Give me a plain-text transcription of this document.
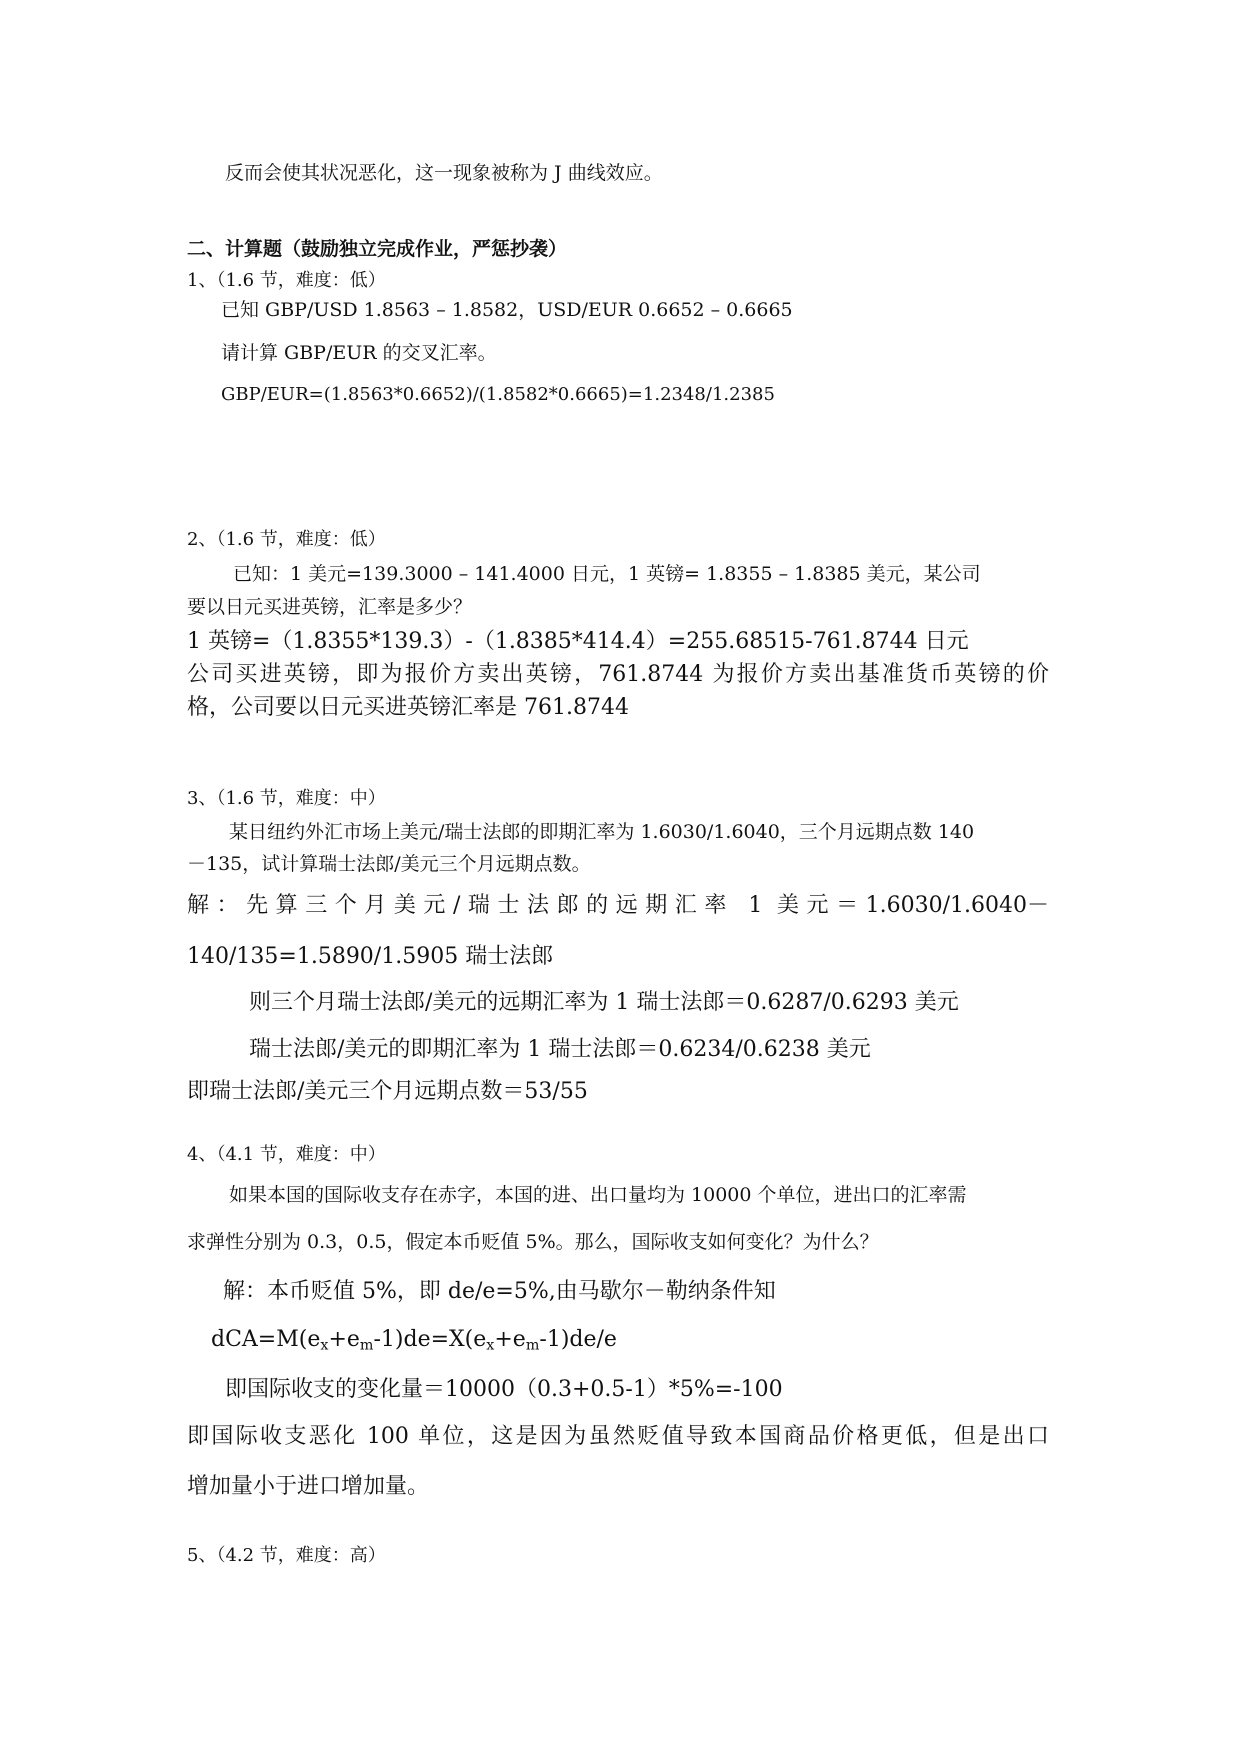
反而会使其状况恶化，这一现象被称为 J 曲线效应。
二、计算题（鼓励独立完成作业，严惩抄袭）
1、（1.6 节，难度：低）
已知 GBP/USD 1.8563 – 1.8582，USD/EUR 0.6652 – 0.6665
请计算 GBP/EUR 的交叉汇率。
GBP/EUR=(1.8563*0.6652)/(1.8582*0.6665)=1.2348/1.2385
2、（1.6 节，难度：低）
已知：1 美元=139.3000 – 141.4000 日元，1 英镑= 1.8355 – 1.8385 美元，某公司
要以日元买进英镑，汇率是多少？
1 英镑=（1.8355*139.3）-（1.8385*414.4）=255.68515-761.8744 日元
公司买进英镑，即为报价方卖出英镑，761.8744 为报价方卖出基准货币英镑的价
格，公司要以日元买进英镑汇率是 761.8744
3、（1.6 节，难度：中）
某日纽约外汇市场上美元/瑞士法郎的即期汇率为 1.6030/1.6040，三个月远期点数 140
－135，试计算瑞士法郎/美元三个月远期点数。
解：先算三个月美元/瑞士法郎的远期汇率 1 美元＝1.6030/1.6040－
140/135=1.5890/1.5905 瑞士法郎
则三个月瑞士法郎/美元的远期汇率为 1 瑞士法郎＝0.6287/0.6293 美元
瑞士法郎/美元的即期汇率为 1 瑞士法郎＝0.6234/0.6238 美元
即瑞士法郎/美元三个月远期点数＝53/55
4、（4.1 节，难度：中）
如果本国的国际收支存在赤字，本国的进、出口量均为 10000 个单位，进出口的汇率需
求弹性分别为 0.3，0.5，假定本币贬值 5%。那么，国际收支如何变化？为什么？
解：本币贬值 5%，即 de/e=5%,由马歇尔－勒纳条件知
$dCA=M(e_x+e_m-1)de=X(e_x+e_m-1)de/e$
即国际收支的变化量＝10000（0.3+0.5-1）*5%=-100
即国际收支恶化 100 单位，这是因为虽然贬值导致本国商品价格更低，但是出口
增加量小于进口增加量。
5、（4.2 节，难度：高）
